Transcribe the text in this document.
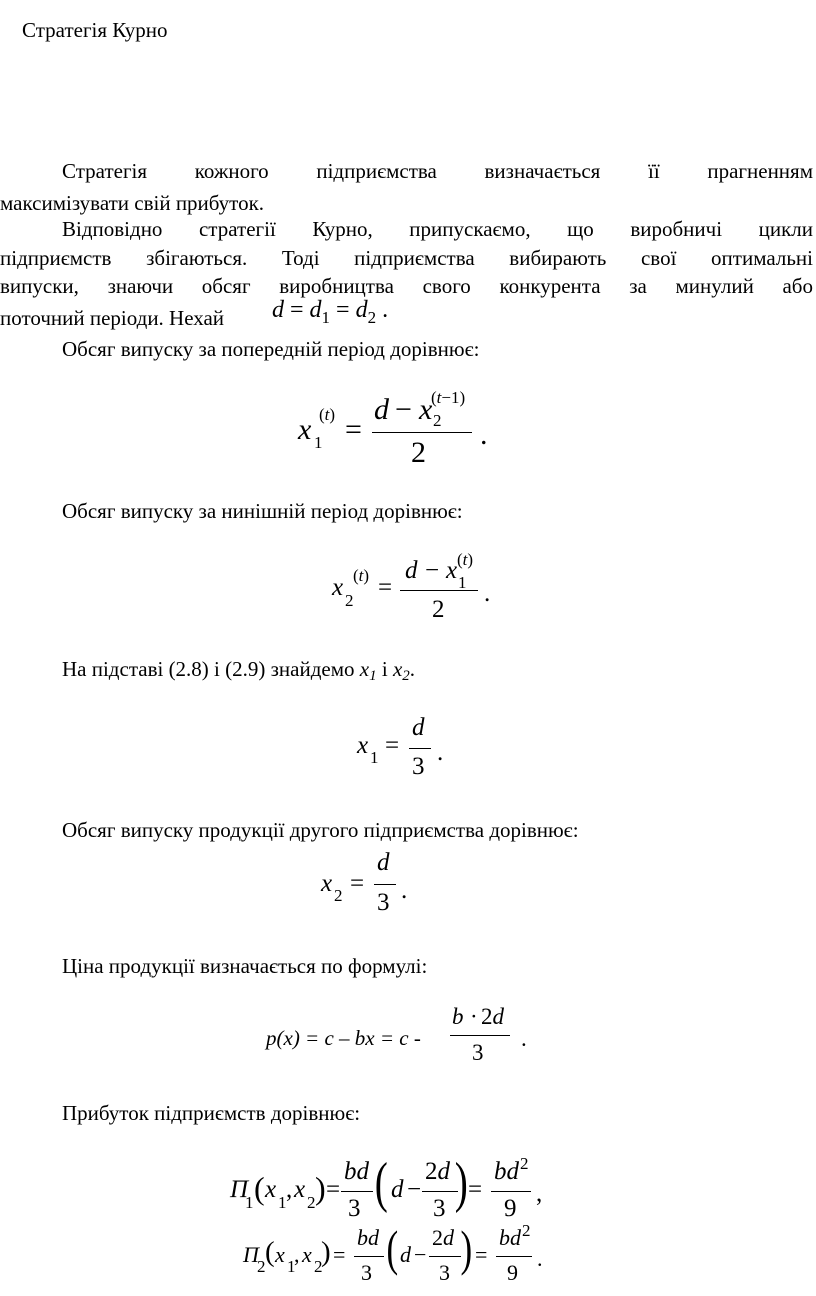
Стратегія Курно
Стратегія кожного підприємства визначається її прагненням
максимізувати свій прибуток.
Відповідно стратегії Курно, припускаємо, що виробничі цикли
підприємств збігаються. Тоді підприємства вибирають свої оптимальні
випуски, знаючи обсяг виробництва свого конкурента за минулий або
поточний періоди. Нехай $d = d_1 = d_2$ .
Обсяг випуску за попередній період дорівнює:
x 1
(t) =
d − x 2
(t−1)
2
.
Обсяг випуску за нинішній період дорівнює:
x 2
(t) =
d − x 1
(t)
2
.
На підставі (2.8) і (2.9) знайдемо x1 і x2.
x 1 =
d
3
.
Обсяг випуску продукції другого підприємства дорівнює:
x 2 =
d
3 .
Ціна продукції визначається по формулі:
p(x) = c – bx = c -
b · 2d
3
.
Прибуток підприємств дорівнює:
Π
1 ( x 1 , x 2 ) =
bd
3 ( d −
2d
3 ) =
bd 2
9
,
Π
2 ( x 1
, x 2
) =
bd
3 ( d −
2d
3 ) =
bd 2
9
.
